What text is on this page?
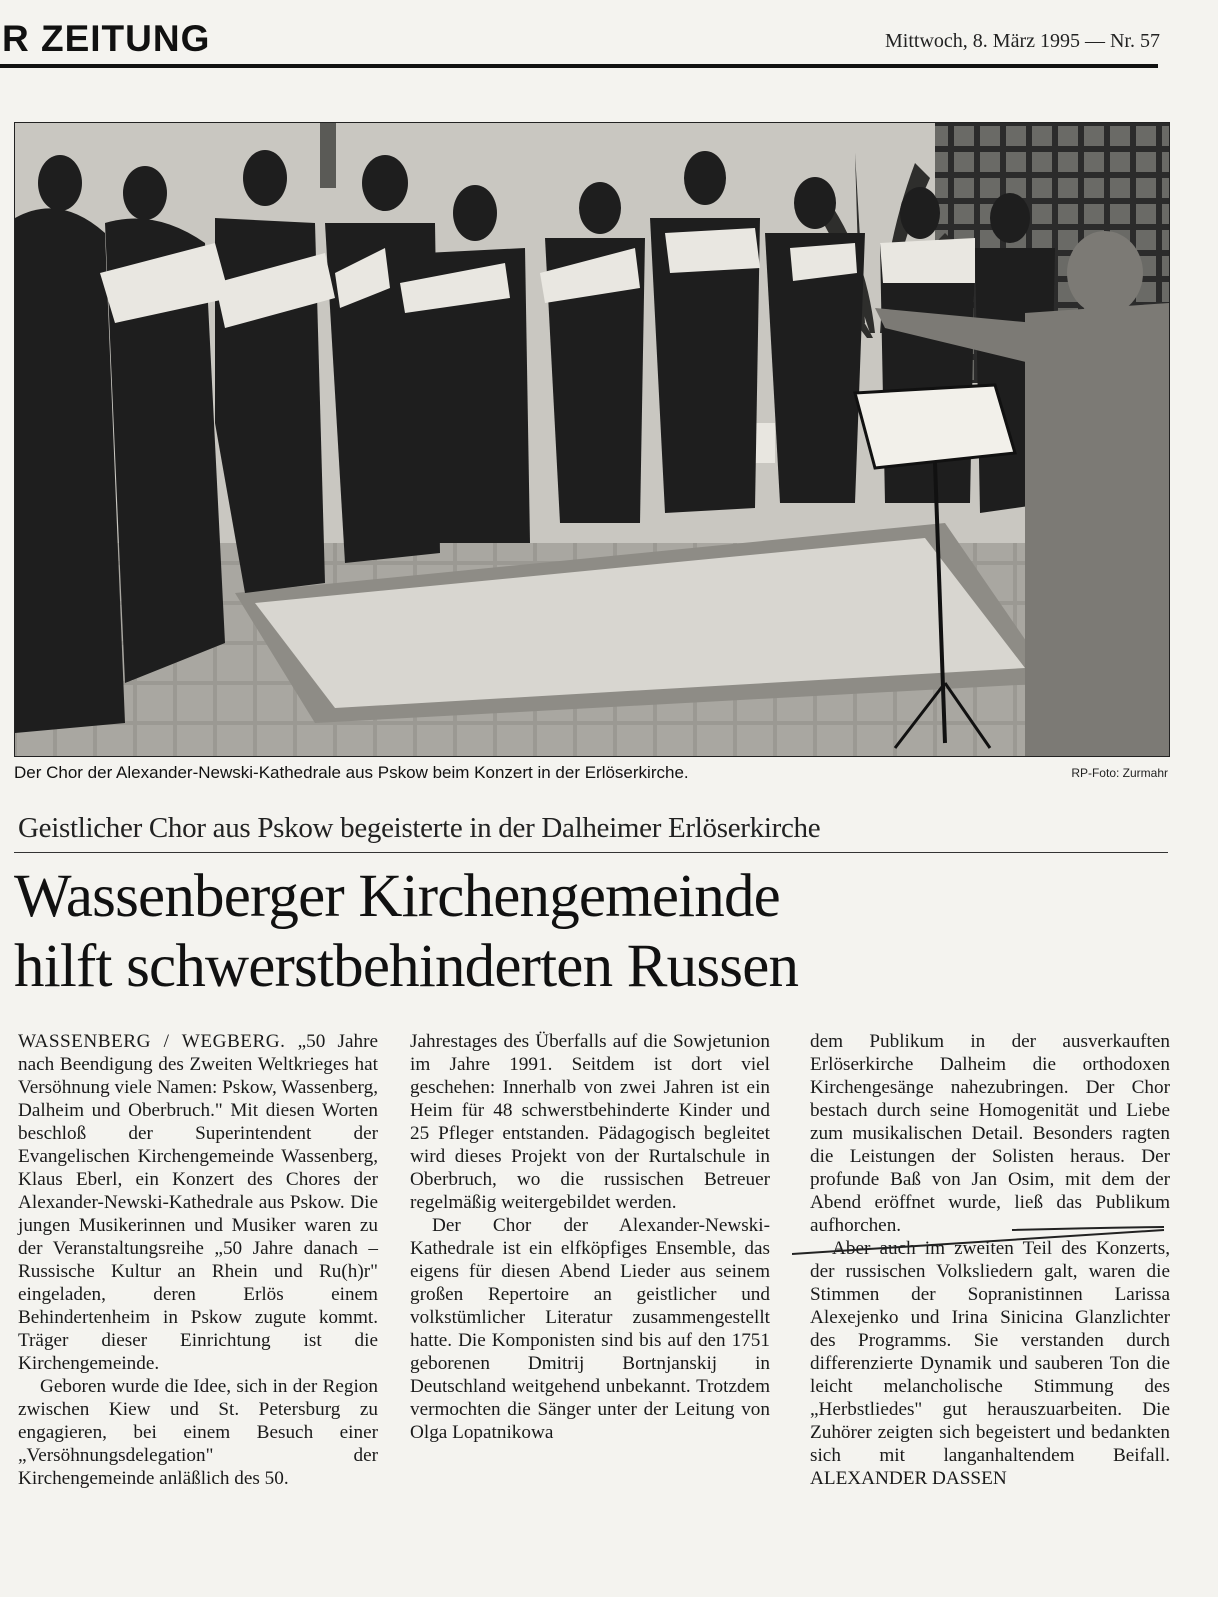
R ZEITUNG	Mittwoch, 8. März 1995 — Nr. 57
Der Chor der Alexander-Newski-Kathedrale aus Pskow beim Konzert in der Erlöserkirche.	RP-Foto: Zurmahr
Geistlicher Chor aus Pskow begeisterte in der Dalheimer Erlöserkirche
Wassenberger Kirchengemeinde
hilft schwerstbehinderten Russen

WASSENBERG / WEGBERG. „50 Jahre nach Beendigung des Zweiten Weltkrieges hat Versöhnung viele Namen: Pskow, Wassenberg, Dalheim und Oberbruch." Mit diesen Worten beschloß der Superintendent der Evangelischen Kirchengemeinde Wassenberg, Klaus Eberl, ein Konzert des Chores der Alexander-Newski-Kathedrale aus Pskow. Die jungen Musikerinnen und Musiker waren zu der Veranstaltungsreihe „50 Jahre danach – Russische Kultur an Rhein und Ru(h)r" eingeladen, deren Erlös einem Behindertenheim in Pskow zugute kommt. Träger dieser Einrichtung ist die Kirchengemeinde.

Geboren wurde die Idee, sich in der Region zwischen Kiew und St. Petersburg zu engagieren, bei einem Besuch einer „Versöhnungsdelegation" der Kirchengemeinde anläßlich des 50.

Jahrestages des Überfalls auf die Sowjetunion im Jahre 1991. Seitdem ist dort viel geschehen: Innerhalb von zwei Jahren ist ein Heim für 48 schwerstbehinderte Kinder und 25 Pfleger entstanden. Pädagogisch begleitet wird dieses Projekt von der Rurtalschule in Oberbruch, wo die russischen Betreuer regelmäßig weitergebildet werden.

Der Chor der Alexander-Newski-Kathedrale ist ein elfköpfiges Ensemble, das eigens für diesen Abend Lieder aus seinem großen Repertoire an geistlicher und volkstümlicher Literatur zusammengestellt hatte. Die Komponisten sind bis auf den 1751 geborenen Dmitrij Bortnjanskij in Deutschland weitgehend unbekannt. Trotzdem vermochten die Sänger unter der Leitung von Olga Lopatnikowa

dem Publikum in der ausverkauften Erlöserkirche Dalheim die orthodoxen Kirchengesänge nahezubringen. Der Chor bestach durch seine Homogenität und Liebe zum musikalischen Detail. Besonders ragten die Leistungen der Solisten heraus. Der profunde Baß von Jan Osim, mit dem der Abend eröffnet wurde, ließ das Publikum aufhorchen.

Aber auch im zweiten Teil des Konzerts, der russischen Volksliedern galt, waren die Stimmen der Sopranistinnen Larissa Alexejenko und Irina Sinicina Glanzlichter des Programms. Sie verstanden durch differenzierte Dynamik und sauberen Ton die leicht melancholische Stimmung des „Herbstliedes" gut herauszuarbeiten. Die Zuhörer zeigten sich begeistert und bedankten sich mit langanhaltendem Beifall. ALEXANDER DASSEN
